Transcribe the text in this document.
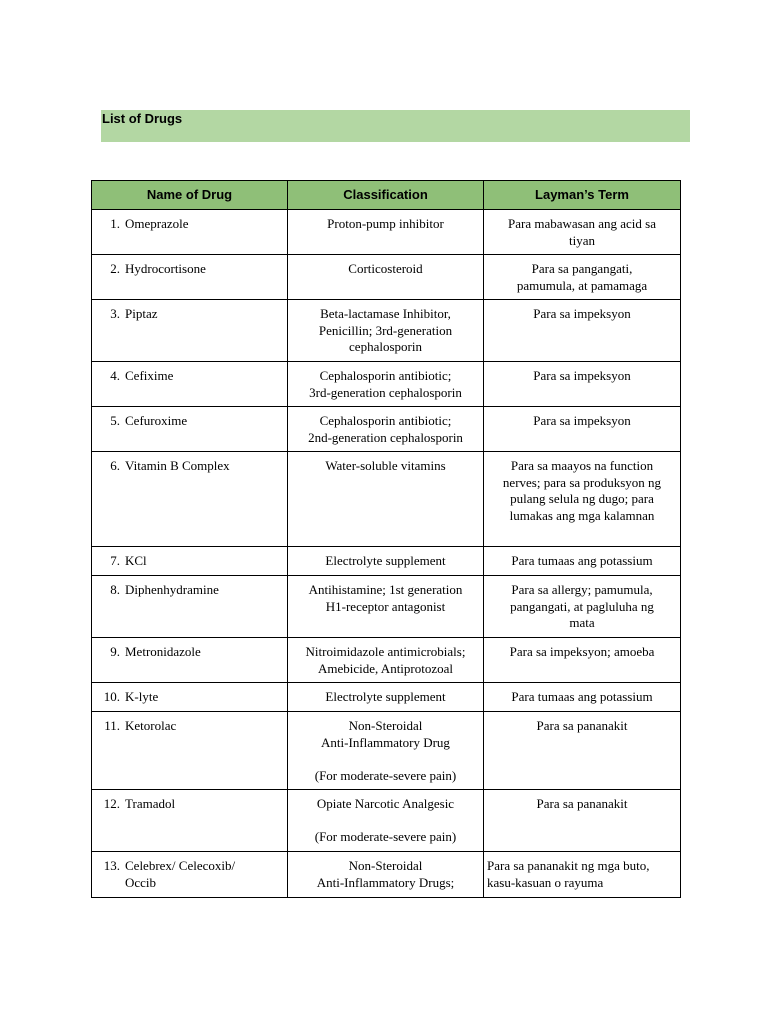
List of Drugs
Name of Drug	Classification	Layman’s Term
1. Omeprazole	Proton-pump inhibitor	Para mabawasan ang acid sa
tiyan
2. Hydrocortisone	Corticosteroid	Para sa pangangati,
pamumula, at pamamaga
3. Piptaz	Beta-lactamase Inhibitor,
Penicillin; 3rd-generation
cephalosporin	Para sa impeksyon
4. Cefixime	Cephalosporin antibiotic;
3rd-generation cephalosporin	Para sa impeksyon
5. Cefuroxime	Cephalosporin antibiotic;
2nd-generation cephalosporin	Para sa impeksyon
6. Vitamin B Complex	Water-soluble vitamins	Para sa maayos na function
nerves; para sa produksyon ng
pulang selula ng dugo; para
lumakas ang mga kalamnan
7. KCl	Electrolyte supplement	Para tumaas ang potassium
8. Diphenhydramine	Antihistamine; 1st generation
H1-receptor antagonist	Para sa allergy; pamumula,
pangangati, at pagluluha ng
mata
9. Metronidazole	Nitroimidazole antimicrobials;
Amebicide, Antiprotozoal	Para sa impeksyon; amoeba
10. K-lyte	Electrolyte supplement	Para tumaas ang potassium
11. Ketorolac	Non-Steroidal
Anti-Inflammatory Drug

(For moderate-severe pain)	Para sa pananakit
12. Tramadol	Opiate Narcotic Analgesic

(For moderate-severe pain)	Para sa pananakit
13. Celebrex/ Celecoxib/
Occib	Non-Steroidal
Anti-Inflammatory Drugs;	Para sa pananakit ng mga buto,
kasu-kasuan o rayuma
